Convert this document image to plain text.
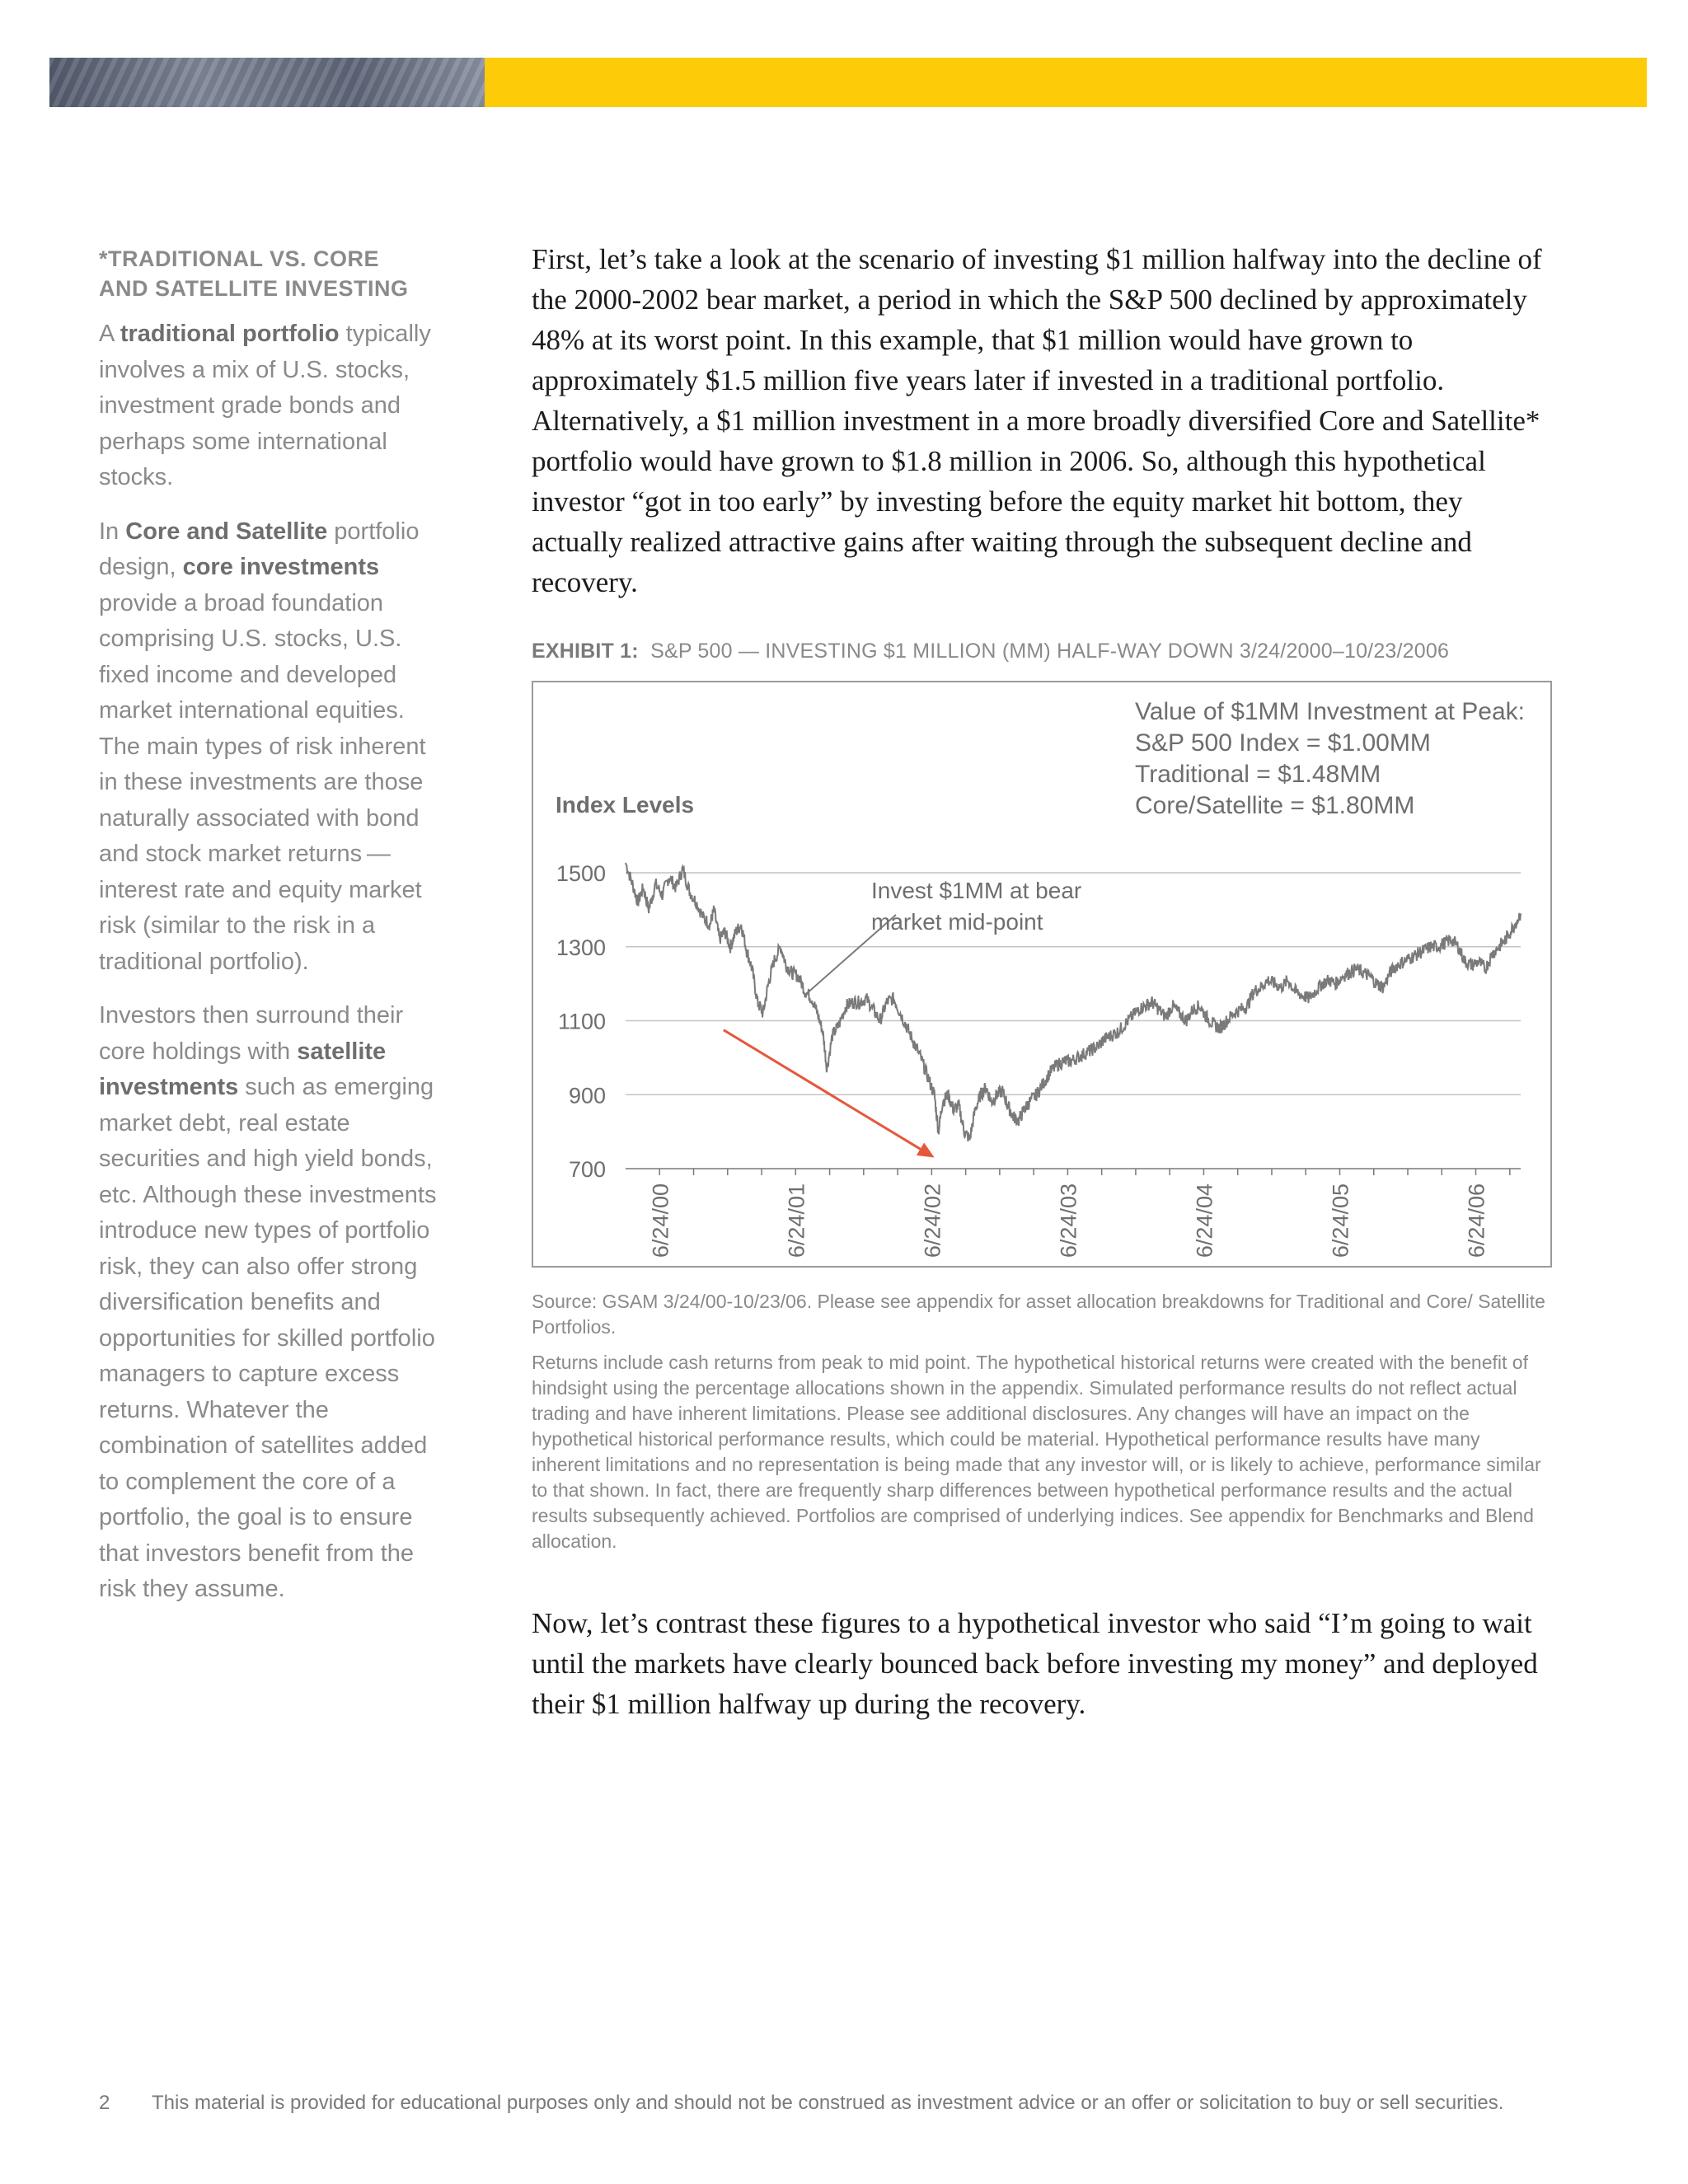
*TRADITIONAL VS. CORE
AND SATELLITE INVESTING

A traditional portfolio typically involves a mix of U.S. stocks, investment grade bonds and perhaps some international stocks.

In Core and Satellite portfolio design, core investments provide a broad foundation comprising U.S. stocks, U.S. fixed income and developed market international equities. The main types of risk inherent in these investments are those naturally associated with bond and stock market returns — interest rate and equity market risk (similar to the risk in a traditional portfolio).

Investors then surround their core holdings with satellite investments such as emerging market debt, real estate securities and high yield bonds, etc. Although these investments introduce new types of portfolio risk, they can also offer strong diversification benefits and opportunities for skilled portfolio managers to capture excess returns. Whatever the combination of satellites added to complement the core of a portfolio, the goal is to ensure that investors benefit from the risk they assume.

First, let’s take a look at the scenario of investing $1 million halfway into the decline of the 2000-2002 bear market, a period in which the S&P 500 declined by approximately 48% at its worst point. In this example, that $1 million would have grown to approximately $1.5 million five years later if invested in a traditional portfolio. Alternatively, a $1 million investment in a more broadly diversified Core and Satellite* portfolio would have grown to $1.8 million in 2006. So, although this hypothetical investor “got in too early” by investing before the equity market hit bottom, they actually realized attractive gains after waiting through the subsequent decline and recovery.

EXHIBIT 1: S&P 500 — INVESTING $1 MILLION (MM) HALF-WAY DOWN 3/24/2000–10/23/2006
700
900
1100
1300
1500
6/24/00	6/24/01	6/24/02	6/24/03	6/24/04	6/24/05	6/24/06
Invest $1MM at bear
market mid-point
Index Levels
Value of $1MM Investment at Peak:
S&P 500 Index = $1.00MM
Traditional = $1.48MM
Core/Satellite = $1.80MM

Source: GSAM 3/24/00-10/23/06. Please see appendix for asset allocation breakdowns for Traditional and Core/ Satellite Portfolios.

Returns include cash returns from peak to mid point. The hypothetical historical returns were created with the benefit of hindsight using the percentage allocations shown in the appendix. Simulated performance results do not reflect actual trading and have inherent limitations. Please see additional disclosures. Any changes will have an impact on the hypothetical historical performance results, which could be material. Hypothetical performance results have many inherent limitations and no representation is being made that any investor will, or is likely to achieve, performance similar to that shown. In fact, there are frequently sharp differences between hypothetical performance results and the actual results subsequently achieved. Portfolios are comprised of underlying indices. See appendix for Benchmarks and Blend allocation.

Now, let’s contrast these figures to a hypothetical investor who said “I’m going to wait until the markets have clearly bounced back before investing my money” and deployed their $1 million halfway up during the recovery.

2 This material is provided for educational purposes only and should not be construed as investment advice or an offer or solicitation to buy or sell securities.
